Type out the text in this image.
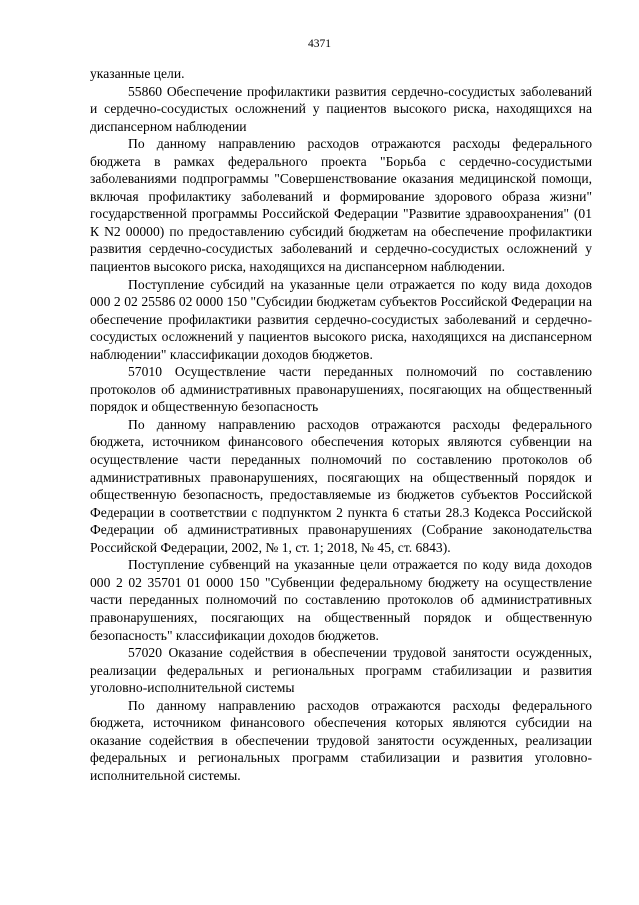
4371

указанные цели.

55860 Обеспечение профилактики развития сердечно-сосудистых заболеваний и сердечно-сосудистых осложнений у пациентов высокого риска, находящихся на диспансерном наблюдении

По данному направлению расходов отражаются расходы федерального бюджета в рамках федерального проекта "Борьба с сердечно-сосудистыми заболеваниями подпрограммы "Совершенствование оказания медицинской помощи, включая профилактику заболеваний и формирование здорового образа жизни" государственной программы Российской Федерации "Развитие здравоохранения" (01 К N2 00000) по предоставлению субсидий бюджетам на обеспечение профилактики развития сердечно-сосудистых заболеваний и сердечно-сосудистых осложнений у пациентов высокого риска, находящихся на диспансерном наблюдении.

Поступление субсидий на указанные цели отражается по коду вида доходов 000 2 02 25586 02 0000 150 "Субсидии бюджетам субъектов Российской Федерации на обеспечение профилактики развития сердечно-сосудистых заболеваний и сердечно-сосудистых осложнений у пациентов высокого риска, находящихся на диспансерном наблюдении" классификации доходов бюджетов.

57010 Осуществление части переданных полномочий по составлению протоколов об административных правонарушениях, посягающих на общественный порядок и общественную безопасность

По данному направлению расходов отражаются расходы федерального бюджета, источником финансового обеспечения которых являются субвенции на осуществление части переданных полномочий по составлению протоколов об административных правонарушениях, посягающих на общественный порядок и общественную безопасность, предоставляемые из бюджетов субъектов Российской Федерации в соответствии с подпунктом 2 пункта 6 статьи 28.3 Кодекса Российской Федерации об административных правонарушениях (Собрание законодательства Российской Федерации, 2002, № 1, ст. 1; 2018, № 45, ст. 6843).

Поступление субвенций на указанные цели отражается по коду вида доходов 000 2 02 35701 01 0000 150 "Субвенции федеральному бюджету на осуществление части переданных полномочий по составлению протоколов об административных правонарушениях, посягающих на общественный порядок и общественную безопасность" классификации доходов бюджетов.

57020 Оказание содействия в обеспечении трудовой занятости осужденных, реализации федеральных и региональных программ стабилизации и развития уголовно-исполнительной системы

По данному направлению расходов отражаются расходы федерального бюджета, источником финансового обеспечения которых являются субсидии на оказание содействия в обеспечении трудовой занятости осужденных, реализации федеральных и региональных программ стабилизации и развития уголовно-исполнительной системы.
